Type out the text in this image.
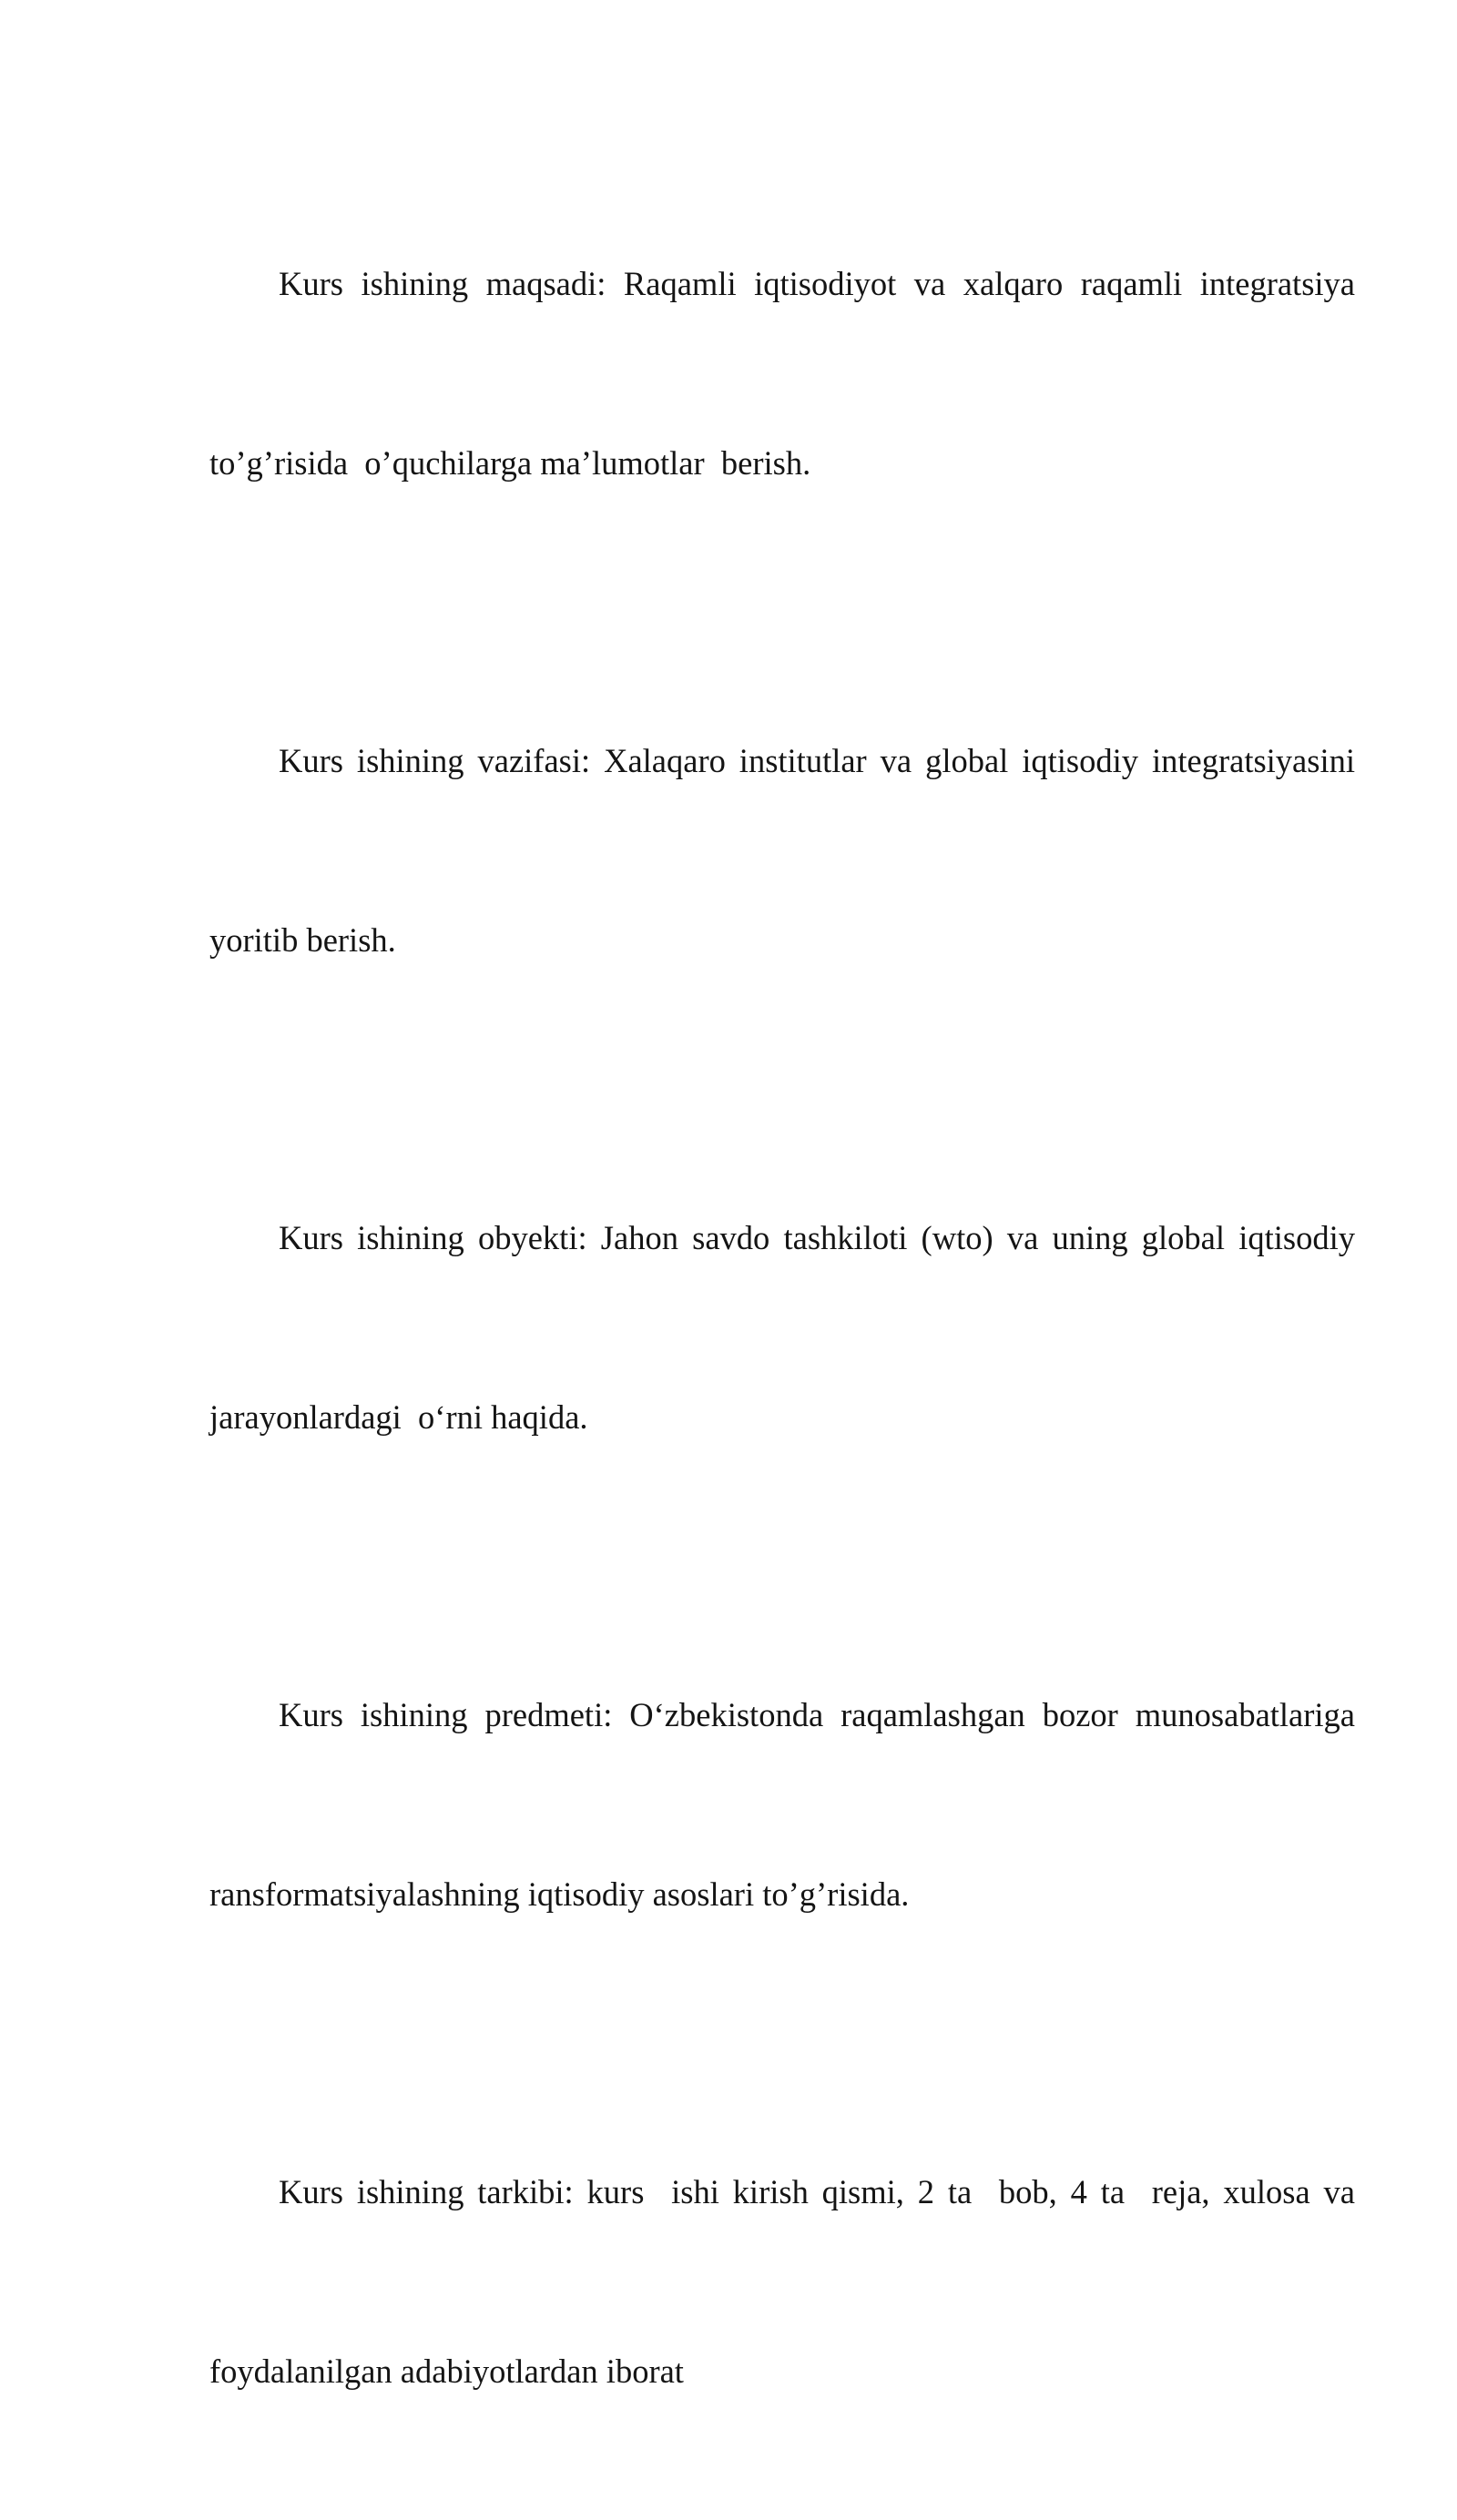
Kurs ishining maqsadi: Raqamli iqtisodiyot va xalqaro raqamli integratsiya

to’g’risida  o’quchilarga ma’lumotlar  berish.

Kurs ishining vazifasi: Xalaqaro institutlar va global iqtisodiy integratsiyasini

yoritib berish.

Kurs ishining obyekti: Jahon savdo tashkiloti (wto) va uning global iqtisodiy

jarayonlardagi  o‘rni haqida.

Kurs ishining predmeti: O‘zbekistonda raqamlashgan bozor munosabatlariga

ransformatsiyalashning iqtisodiy asoslari to’g’risida.

Kurs ishining tarkibi: kurs  ishi kirish qismi, 2 ta  bob, 4 ta  reja, xulosa va

foydalanilgan adabiyotlardan iborat
